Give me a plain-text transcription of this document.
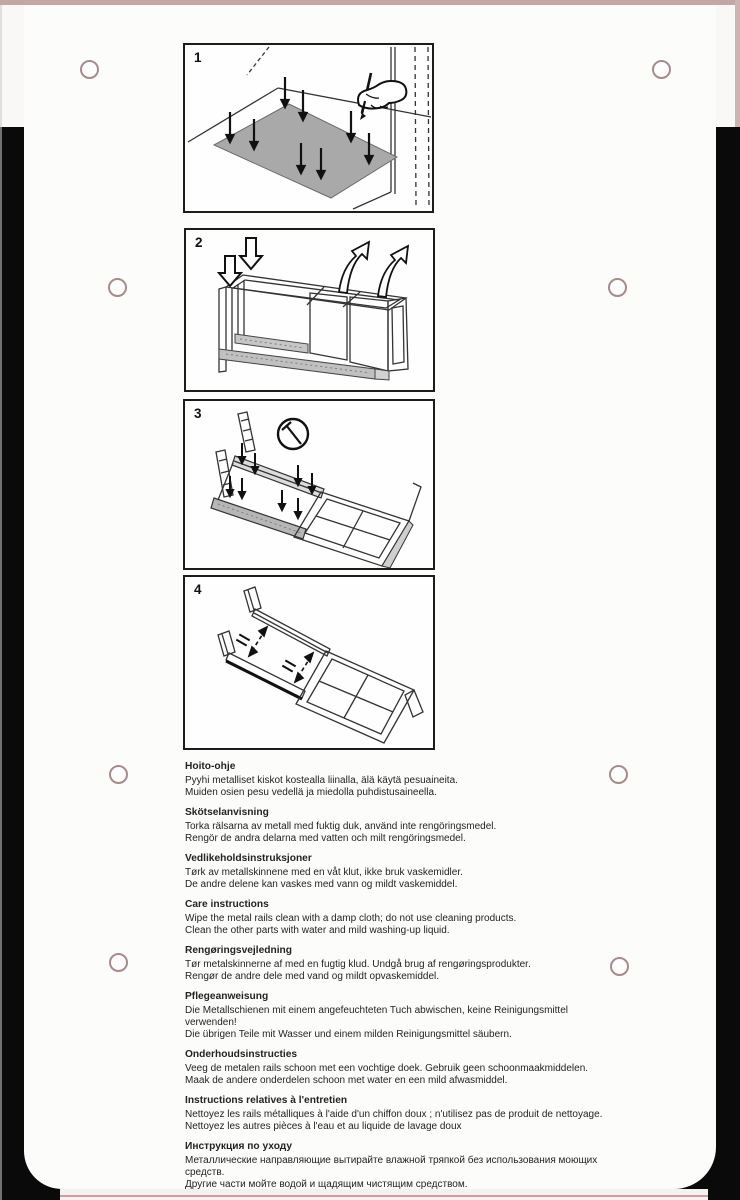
1
2
3
4
Hoito-ohje
Pyyhi metalliset kiskot kostealla liinalla, älä käytä pesuaineita.
Muiden osien pesu vedellä ja miedolla puhdistusaineella.
Skötselanvisning
Torka rälsarna av metall med fuktig duk, använd inte rengöringsmedel.
Rengör de andra delarna med vatten och milt rengöringsmedel.
Vedlikeholdsinstruksjoner
Tørk av metallskinnene med en våt klut, ikke bruk vaskemidler.
De andre delene kan vaskes med vann og mildt vaskemiddel.
Care instructions
Wipe the metal rails clean with a damp cloth; do not use cleaning products.
Clean the other parts with water and mild washing-up liquid.
Rengøringsvejledning
Tør metalskinnerne af med en fugtig klud. Undgå brug af rengøringsprodukter.
Rengør de andre dele med vand og mildt opvaskemiddel.
Pflegeanweisung
Die Metallschienen mit einem angefeuchteten Tuch abwischen, keine Reinigungsmittel verwenden!
Die übrigen Teile mit Wasser und einem milden Reinigungsmittel säubern.
Onderhoudsinstructies
Veeg de metalen rails schoon met een vochtige doek. Gebruik geen schoonmaakmiddelen.
Maak de andere onderdelen schoon met water en een mild afwasmiddel.
Instructions relatives à l'entretien
Nettoyez les rails métalliques à l'aide d'un chiffon doux ; n'utilisez pas de produit de nettoyage.
Nettoyez les autres pièces à l'eau et au liquide de lavage doux
Инструкция по уходу
Металлические направляющие вытирайте влажной тряпкой без использования моющих средств.
Другие части мойте водой и щадящим чистящим средством.
